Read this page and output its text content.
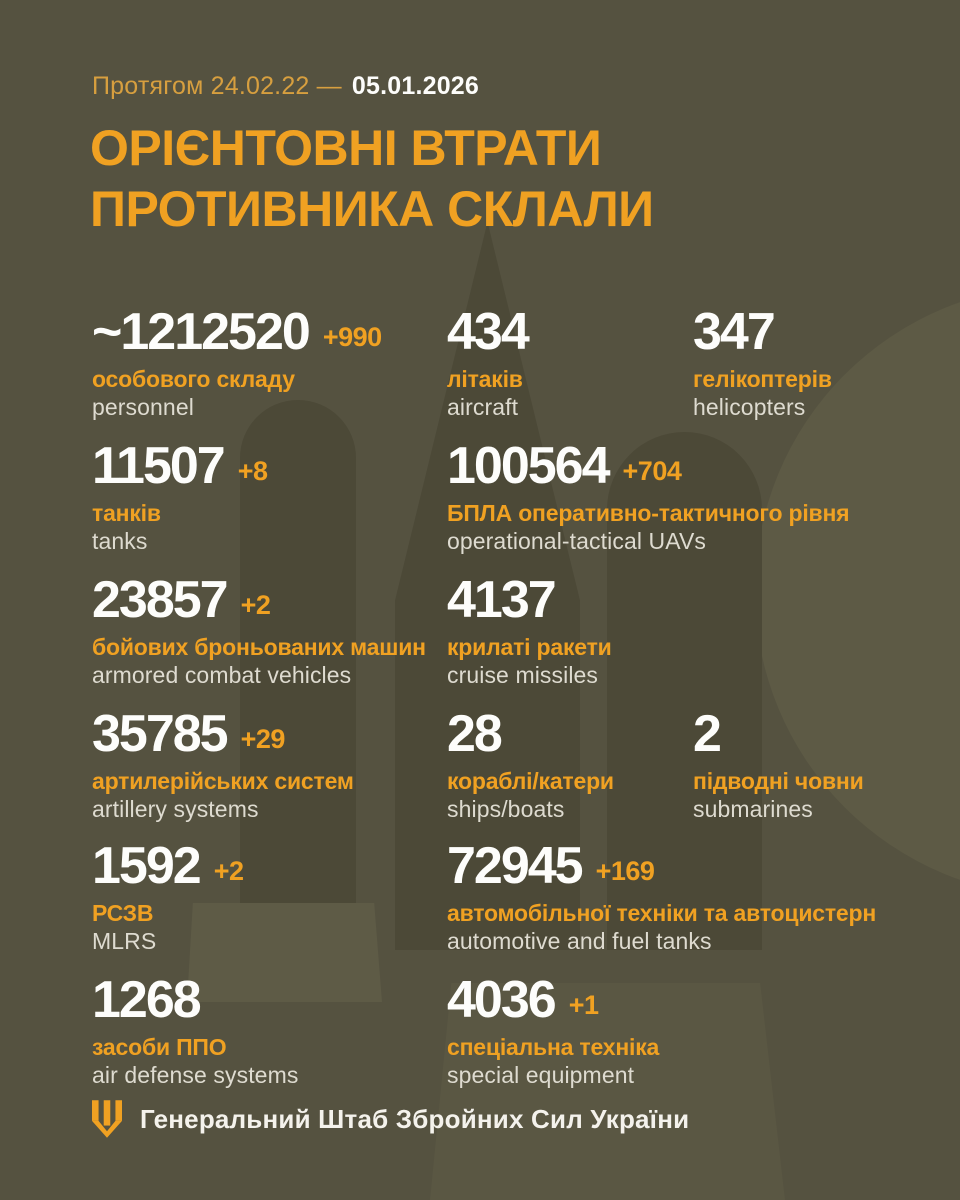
Протягом 24.02.22 — 05.01.2026
ОРІЄНТОВНІ ВТРАТИ
ПРОТИВНИКА СКЛАЛИ
~1212520 +990
особового складу
personnel
434
літаків
aircraft
347
гелікоптерів
helicopters
11507 +8
танків
tanks
100564 +704
БПЛА оперативно-тактичного рівня
operational-tactical UAVs
23857 +2
бойових броньованих машин
armored combat vehicles
4137
крилаті ракети
cruise missiles
35785 +29
артилерійських систем
artillery systems
28
кораблі/катери
ships/boats
2
підводні човни
submarines
1592 +2
РСЗВ
MLRS
72945 +169
автомобільної техніки та автоцистерн
automotive and fuel tanks
1268
засоби ППО
air defense systems
4036 +1
спеціальна техніка
special equipment
Генеральний Штаб Збройних Сил України
